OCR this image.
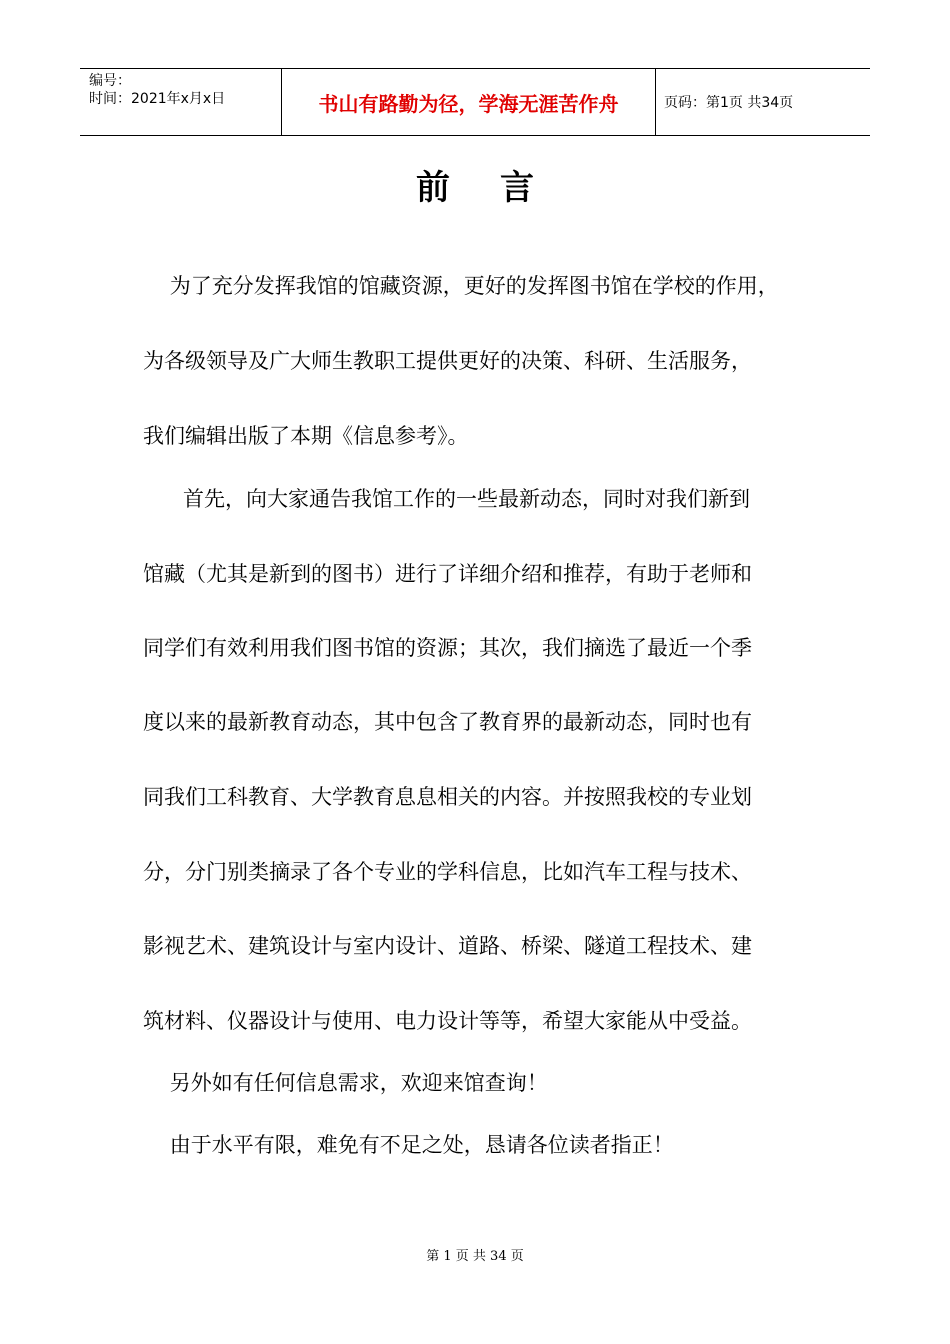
编号：
时间：2021年x月x日	书山有路勤为径，学海无涯苦作舟	页码：第1页 共34页
前言
为了充分发挥我馆的馆藏资源，更好的发挥图书馆在学校的作用，
为各级领导及广大师生教职工提供更好的决策、科研、生活服务，
我们编辑出版了本期《信息参考》。
首先，向大家通告我馆工作的一些最新动态，同时对我们新到
馆藏（尤其是新到的图书）进行了详细介绍和推荐，有助于老师和
同学们有效利用我们图书馆的资源；其次，我们摘选了最近一个季
度以来的最新教育动态，其中包含了教育界的最新动态，同时也有
同我们工科教育、大学教育息息相关的内容。并按照我校的专业划
分，分门别类摘录了各个专业的学科信息，比如汽车工程与技术、
影视艺术、建筑设计与室内设计、道路、桥梁、隧道工程技术、建
筑材料、仪器设计与使用、电力设计等等，希望大家能从中受益。
另外如有任何信息需求，欢迎来馆查询！
由于水平有限，难免有不足之处，恳请各位读者指正！
第 1 页 共 34 页
